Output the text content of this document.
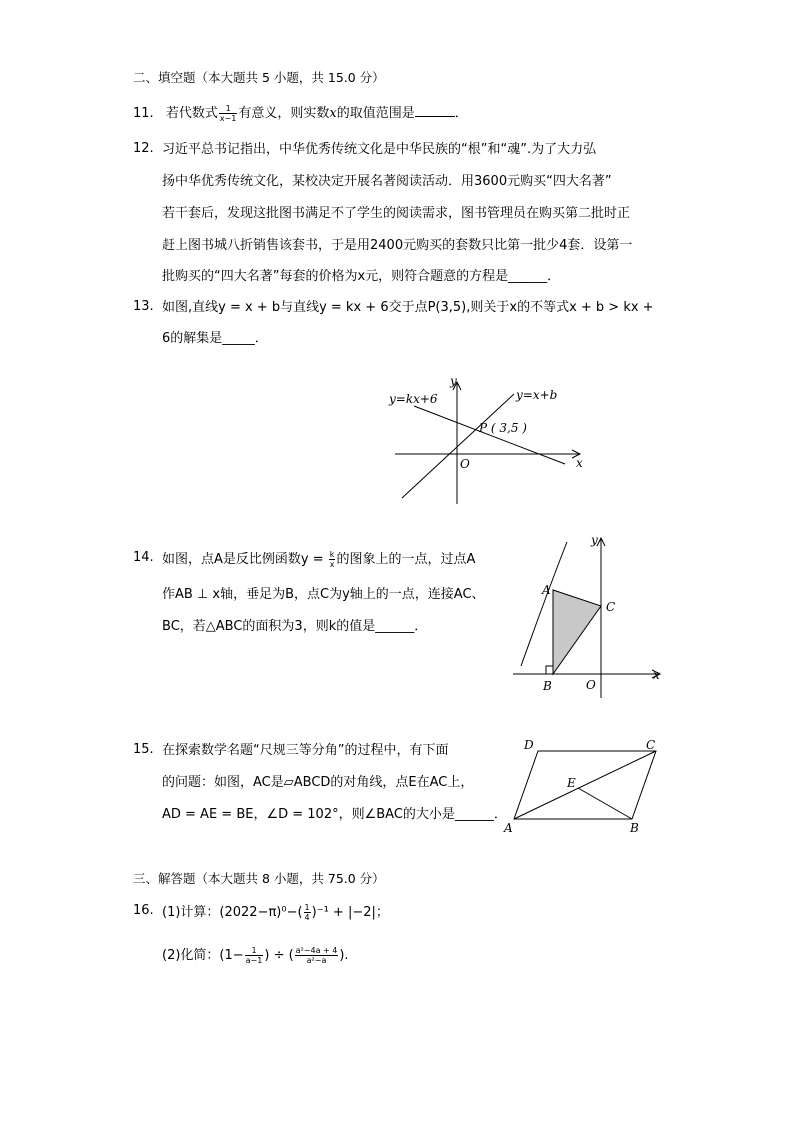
二、填空题（本大题共 5 小题，共 15.0 分）
11. 若代数式 $\frac{1}{x-1}$ 有意义，则实数x的取值范围是	．
12. 习近平总书记指出，中华优秀传统文化是中华民族的“根”和“魂”.为了大力弘
扬中华优秀传统文化，某校决定开展名著阅读活动．用3600元购买“四大名著”
若干套后，发现这批图书满足不了学生的阅读需求，图书管理员在购买第二批时正
赶上图书城八折销售该套书，于是用2400元购买的套数只比第一批少4套．设第一
批购买的“四大名著”每套的价格为x元，则符合题意的方程是______．
13. 如图,直线y = x + b与直线y = kx + 6交于点P(3,5),则关于x的不等式x + b > kx +
6的解集是_____．
y=kx+6	y=x+b
P ( 3,5 )
x
y
O
14. 如图，点A是反比例函数$y = \frac{k}{x}$ 的图象上的一点，过点A
作AB ⊥ x轴，垂足为B，点C为y轴上的一点，连接AC、
BC，若△ABC的面积为3，则k的值是______．
A
B
C
O
x
y
15. 在探索数学名题“尺规三等分角”的过程中，有下面
的问题：如图，AC是▱ABCD的对角线，点E在AC上，
AD = AE = BE，∠D = 102°，则∠BAC的大小是______．
A	B
C
D
E
三、解答题（本大题共 8 小题，共 75.0 分）
16. (1)计算：$(2022-\pi)^0-( \frac{1}{4} )^{-1} + |-2|$；
(2)化简：($1- \frac{1}{a-1}$ ) ÷ ( $\frac{\text{a²−4a + 4}}{\text{a²−a}}$ ).
